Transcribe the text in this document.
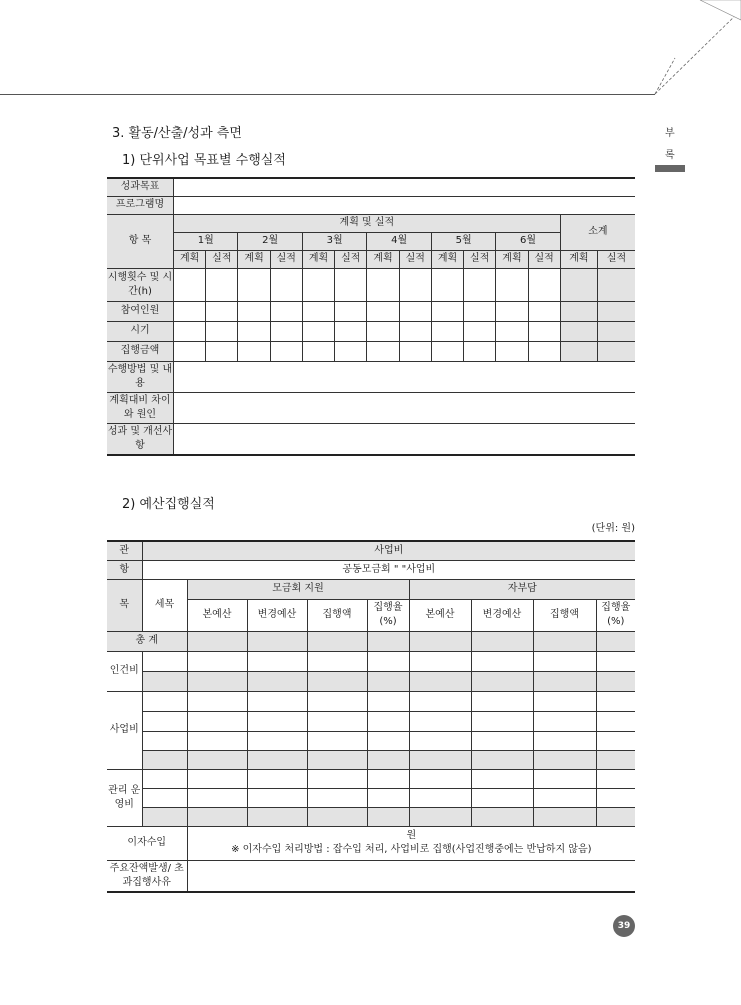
부
록
3. 활동/산출/성과 측면
1) 단위사업 목표별 수행실적
성과목표														
프로그램명														
항 목	계획 및 실적												소계	
	1월		2월		3월		4월		5월		6월			
	계획	실적	계획	실적	계획	실적	계획	실적	계획	실적	계획	실적	계획	실적
시행횟수 및 시간(h)														
참여인원														
시기														
집행금액														
수행방법 및 내용														
계획대비 차이와 원인														
성과 및 개선사항														
2) 예산집행실적
(단위: 원)
관	사업비								
항	공동모금회 " "사업비								
목	세목	모금회 지원				자부담			
		본예산	변경예산	집행액	집행율 (%)	본예산	변경예산	집행액	집행율 (%)
총 계									
인건비									

사업비									

관리 운영비									

이자수입		원
※ 이자수입 처리방법 : 잡수입 처리, 사업비로 집행(사업진행중에는 반납하지 않음)							

주요잔액발생/ 초과집행사유									
39
